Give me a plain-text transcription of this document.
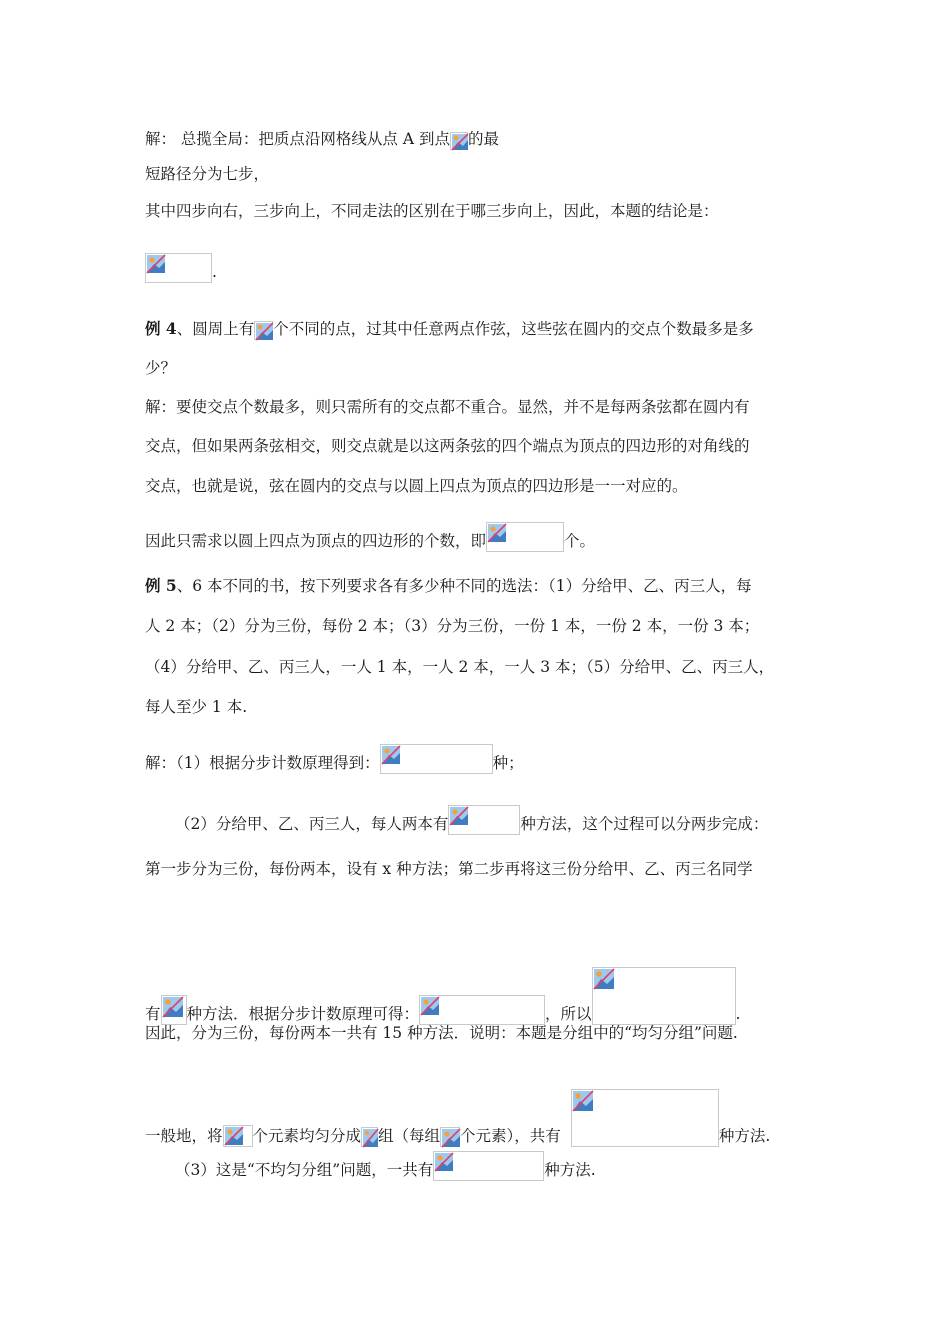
解： 总揽全局：把质点沿网格线从点 A 到点 的最
短路径分为七步，
其中四步向右，三步向上，不同走法的区别在于哪三步向上，因此，本题的结论是：
.
例 4、圆周上有 个不同的点，过其中任意两点作弦，这些弦在圆内的交点个数最多是多
少？
解：要使交点个数最多，则只需所有的交点都不重合。显然，并不是每两条弦都在圆内有
交点，但如果两条弦相交，则交点就是以这两条弦的四个端点为顶点的四边形的对角线的
交点，也就是说，弦在圆内的交点与以圆上四点为顶点的四边形是一一对应的。
因此只需求以圆上四点为顶点的四边形的个数，即	个。
例 5、6 本不同的书，按下列要求各有多少种不同的选法：（1）分给甲、乙、丙三人，每
人 2 本；（2）分为三份，每份 2 本；（3）分为三份，一份 1 本，一份 2 本，一份 3 本；
（4）分给甲、乙、丙三人，一人 1 本，一人 2 本，一人 3 本；（5）分给甲、乙、丙三人，
每人至少 1 本.
解：（1）根据分步计数原理得到：	种；
（2）分给甲、乙、丙三人，每人两本有	种方法，这个过程可以分两步完成：
第一步分为三份，每份两本，设有 x 种方法；第二步再将这三份分给甲、乙、丙三名同学
有 种方法．根据分步计数原理可得：	，所以	.
因此，分为三份，每份两本一共有 15 种方法．说明：本题是分组中的“均匀分组”问题.
一般地，将 个元素均匀分成 组（每组 个元素），共有	种方法.
（3）这是“不均匀分组”问题，一共有	种方法.
